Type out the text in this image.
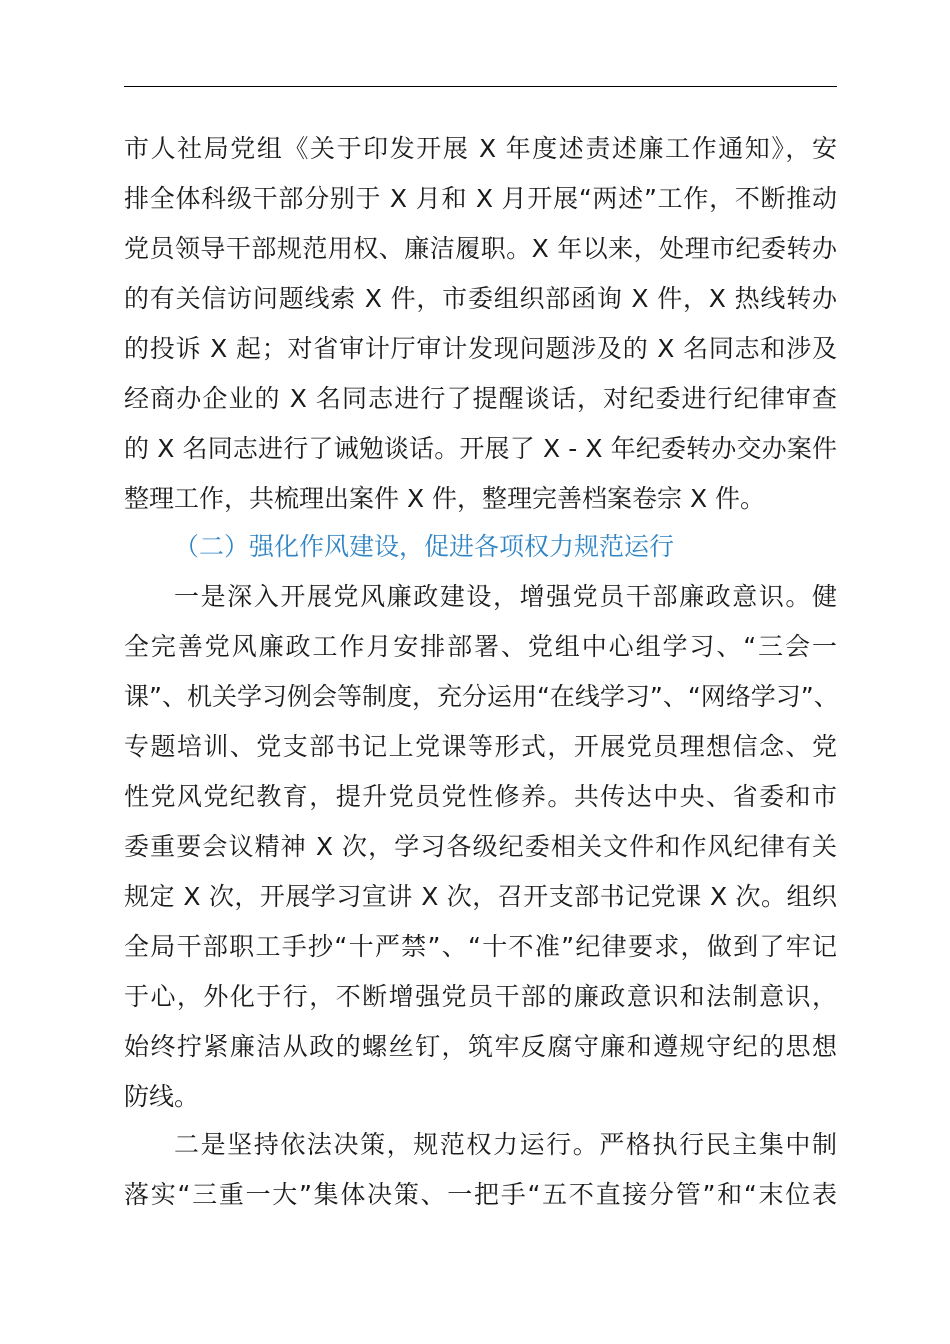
市人社局党组《关于印发开展 X 年度述责述廉工作通知》，安
排全体科级干部分别于 X 月和 X 月开展“两述”工作，不断推动
党员领导干部规范用权、廉洁履职。X 年以来，处理市纪委转办
的有关信访问题线索 X 件，市委组织部函询 X 件，X 热线转办
的投诉 X 起；对省审计厅审计发现问题涉及的 X 名同志和涉及
经商办企业的 X 名同志进行了提醒谈话，对纪委进行纪律审查
的 X 名同志进行了诫勉谈话。开展了 X - X 年纪委转办交办案件
整理工作，共梳理出案件 X 件，整理完善档案卷宗 X 件。
（二）强化作风建设，促进各项权力规范运行
一是深入开展党风廉政建设，增强党员干部廉政意识。健
全完善党风廉政工作月安排部署、党组中心组学习、“三会一
课”、机关学习例会等制度，充分运用“在线学习”、“网络学习”、
专题培训、党支部书记上党课等形式，开展党员理想信念、党
性党风党纪教育，提升党员党性修养。共传达中央、省委和市
委重要会议精神 X 次，学习各级纪委相关文件和作风纪律有关
规定 X 次，开展学习宣讲 X 次，召开支部书记党课 X 次。组织
全局干部职工手抄“十严禁”、“十不准”纪律要求，做到了牢记
于心，外化于行，不断增强党员干部的廉政意识和法制意识，
始终拧紧廉洁从政的螺丝钉，筑牢反腐守廉和遵规守纪的思想
防线。
二是坚持依法决策，规范权力运行。严格执行民主集中制
落实“三重一大”集体决策、一把手“五不直接分管”和“末位表
